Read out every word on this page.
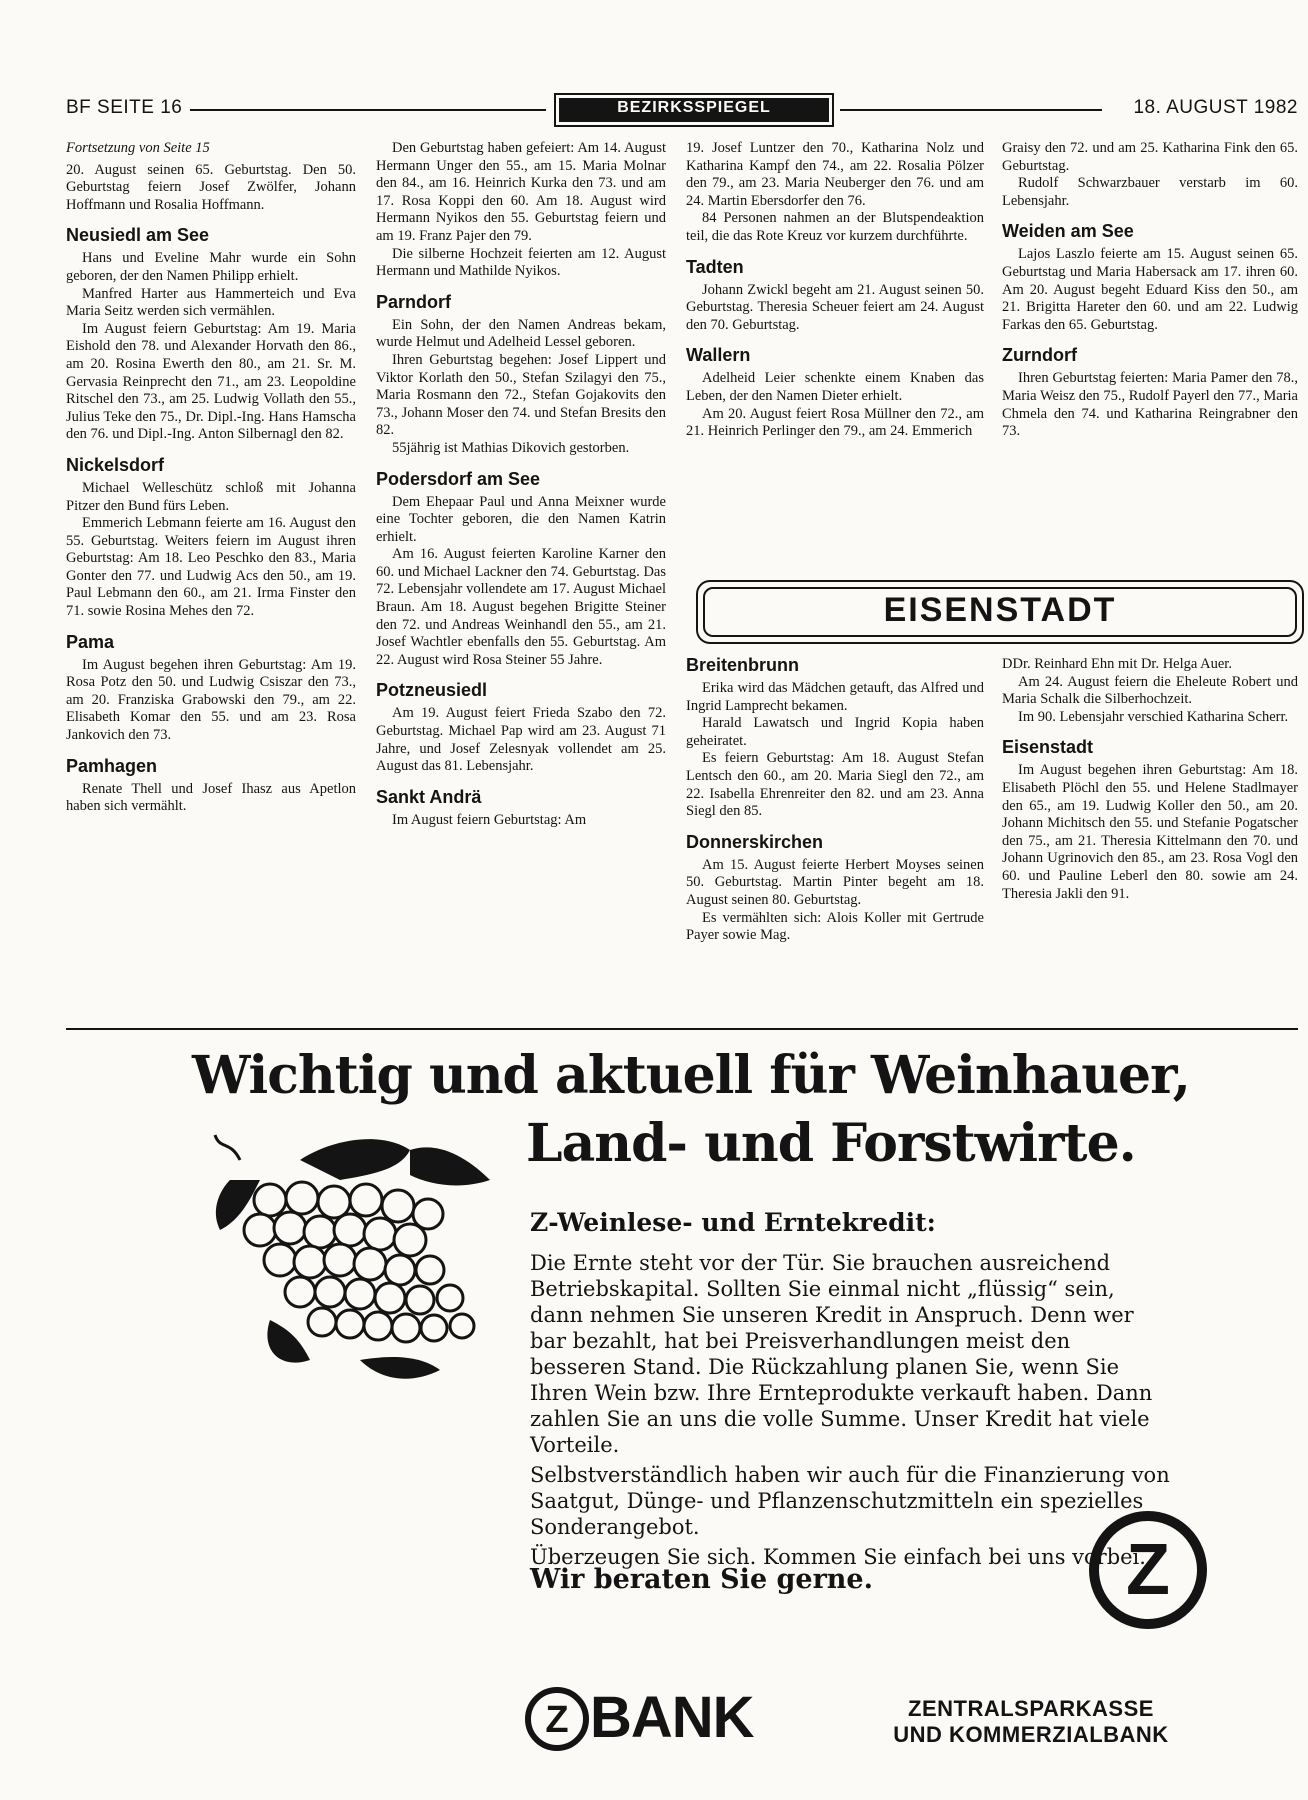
BF SEITE 16	BEZIRKSSPIEGEL	18. AUGUST 1982

Fortsetzung von Seite 15

20. August seinen 65. Geburtstag. Den 50. Geburtstag feiern Josef Zwölfer, Johann Hoffmann und Rosalia Hoffmann.

Neusiedl am See

Hans und Eveline Mahr wurde ein Sohn geboren, der den Namen Philipp erhielt.

Manfred Harter aus Hammerteich und Eva Maria Seitz werden sich vermählen.

Im August feiern Geburtstag: Am 19. Maria Eishold den 78. und Alexander Horvath den 86., am 20. Rosina Ewerth den 80., am 21. Sr. M. Gervasia Reinprecht den 71., am 23. Leopoldine Ritschel den 73., am 25. Ludwig Vollath den 55., Julius Teke den 75., Dr. Dipl.-Ing. Hans Hamscha den 76. und Dipl.-Ing. Anton Silbernagl den 82.

Nickelsdorf

Michael Welleschütz schloß mit Johanna Pitzer den Bund fürs Leben.

Emmerich Lebmann feierte am 16. August den 55. Geburtstag. Weiters feiern im August ihren Geburtstag: Am 18. Leo Peschko den 83., Maria Gonter den 77. und Ludwig Acs den 50., am 19. Paul Lebmann den 60., am 21. Irma Finster den 71. sowie Rosina Mehes den 72.

Pama

Im August begehen ihren Geburtstag: Am 19. Rosa Potz den 50. und Ludwig Csiszar den 73., am 20. Franziska Grabowski den 79., am 22. Elisabeth Komar den 55. und am 23. Rosa Jankovich den 73.

Pamhagen

Renate Thell und Josef Ihasz aus Apetlon haben sich vermählt.

Den Geburtstag haben gefeiert: Am 14. August Hermann Unger den 55., am 15. Maria Molnar den 84., am 16. Heinrich Kurka den 73. und am 17. Rosa Koppi den 60. Am 18. August wird Hermann Nyikos den 55. Geburtstag feiern und am 19. Franz Pajer den 79.

Die silberne Hochzeit feierten am 12. August Hermann und Mathilde Nyikos.

Parndorf

Ein Sohn, der den Namen Andreas bekam, wurde Helmut und Adelheid Lessel geboren.

Ihren Geburtstag begehen: Josef Lippert und Viktor Korlath den 50., Stefan Szilagyi den 75., Maria Rosmann den 72., Stefan Gojakovits den 73., Johann Moser den 74. und Stefan Bresits den 82.

55jährig ist Mathias Dikovich gestorben.

Podersdorf am See

Dem Ehepaar Paul und Anna Meixner wurde eine Tochter geboren, die den Namen Katrin erhielt.

Am 16. August feierten Karoline Karner den 60. und Michael Lackner den 74. Geburtstag. Das 72. Lebensjahr vollendete am 17. August Michael Braun. Am 18. August begehen Brigitte Steiner den 72. und Andreas Weinhandl den 55., am 21. Josef Wachtler ebenfalls den 55. Geburtstag. Am 22. August wird Rosa Steiner 55 Jahre.

Potzneusiedl

Am 19. August feiert Frieda Szabo den 72. Geburtstag. Michael Pap wird am 23. August 71 Jahre, und Josef Zelesnyak vollendet am 25. August das 81. Lebensjahr.

Sankt Andrä

Im August feiern Geburtstag: Am

19. Josef Luntzer den 70., Katharina Nolz und Katharina Kampf den 74., am 22. Rosalia Pölzer den 79., am 23. Maria Neuberger den 76. und am 24. Martin Ebersdorfer den 76.

84 Personen nahmen an der Blutspendeaktion teil, die das Rote Kreuz vor kurzem durchführte.

Tadten

Johann Zwickl begeht am 21. August seinen 50. Geburtstag. Theresia Scheuer feiert am 24. August den 70. Geburtstag.

Wallern

Adelheid Leier schenkte einem Knaben das Leben, der den Namen Dieter erhielt.

Am 20. August feiert Rosa Müllner den 72., am 21. Heinrich Perlinger den 79., am 24. Emmerich

Graisy den 72. und am 25. Katharina Fink den 65. Geburtstag.

Rudolf Schwarzbauer verstarb im 60. Lebensjahr.

Weiden am See

Lajos Laszlo feierte am 15. August seinen 65. Geburtstag und Maria Habersack am 17. ihren 60. Am 20. August begeht Eduard Kiss den 50., am 21. Brigitta Hareter den 60. und am 22. Ludwig Farkas den 65. Geburtstag.

Zurndorf

Ihren Geburtstag feierten: Maria Pamer den 78., Maria Weisz den 75., Rudolf Payerl den 77., Maria Chmela den 74. und Katharina Reingrabner den 73.

EISENSTADT
Breitenbrunn

Erika wird das Mädchen getauft, das Alfred und Ingrid Lamprecht bekamen.

Harald Lawatsch und Ingrid Kopia haben geheiratet.

Es feiern Geburtstag: Am 18. August Stefan Lentsch den 60., am 20. Maria Siegl den 72., am 22. Isabella Ehrenreiter den 82. und am 23. Anna Siegl den 85.

Donnerskirchen

Am 15. August feierte Herbert Moyses seinen 50. Geburtstag. Martin Pinter begeht am 18. August seinen 80. Geburtstag.

Es vermählten sich: Alois Koller mit Gertrude Payer sowie Mag.

DDr. Reinhard Ehn mit Dr. Helga Auer.

Am 24. August feiern die Eheleute Robert und Maria Schalk die Silberhochzeit.

Im 90. Lebensjahr verschied Katharina Scherr.

Eisenstadt

Im August begehen ihren Geburtstag: Am 18. Elisabeth Plöchl den 55. und Helene Stadlmayer den 65., am 19. Ludwig Koller den 50., am 20. Johann Michitsch den 55. und Stefanie Pogatscher den 75., am 21. Theresia Kittelmann den 70. und Johann Ugrinovich den 85., am 23. Rosa Vogl den 60. und Pauline Leberl den 80. sowie am 24. Theresia Jakli den 91.

Wichtig und aktuell für Weinhauer,
Land- und Forstwirte.
Z-Weinlese- und Erntekredit:

Die Ernte steht vor der Tür. Sie brauchen ausreichend Betriebskapital. Sollten Sie einmal nicht „flüssig“ sein, dann nehmen Sie unseren Kredit in Anspruch. Denn wer bar bezahlt, hat bei Preisverhandlungen meist den besseren Stand. Die Rückzahlung planen Sie, wenn Sie Ihren Wein bzw. Ihre Ernteprodukte verkauft haben. Dann zahlen Sie an uns die volle Summe. Unser Kredit hat viele Vorteile.

Selbstverständlich haben wir auch für die Finanzierung von Saatgut, Dünge- und Pflanzenschutzmitteln ein spezielles Sonderangebot.

Überzeugen Sie sich. Kommen Sie einfach bei uns vorbei.

Wir beraten Sie gerne.
Z BANK
Z
ZENTRALSPARKASSE
UND KOMMERZIALBANK
